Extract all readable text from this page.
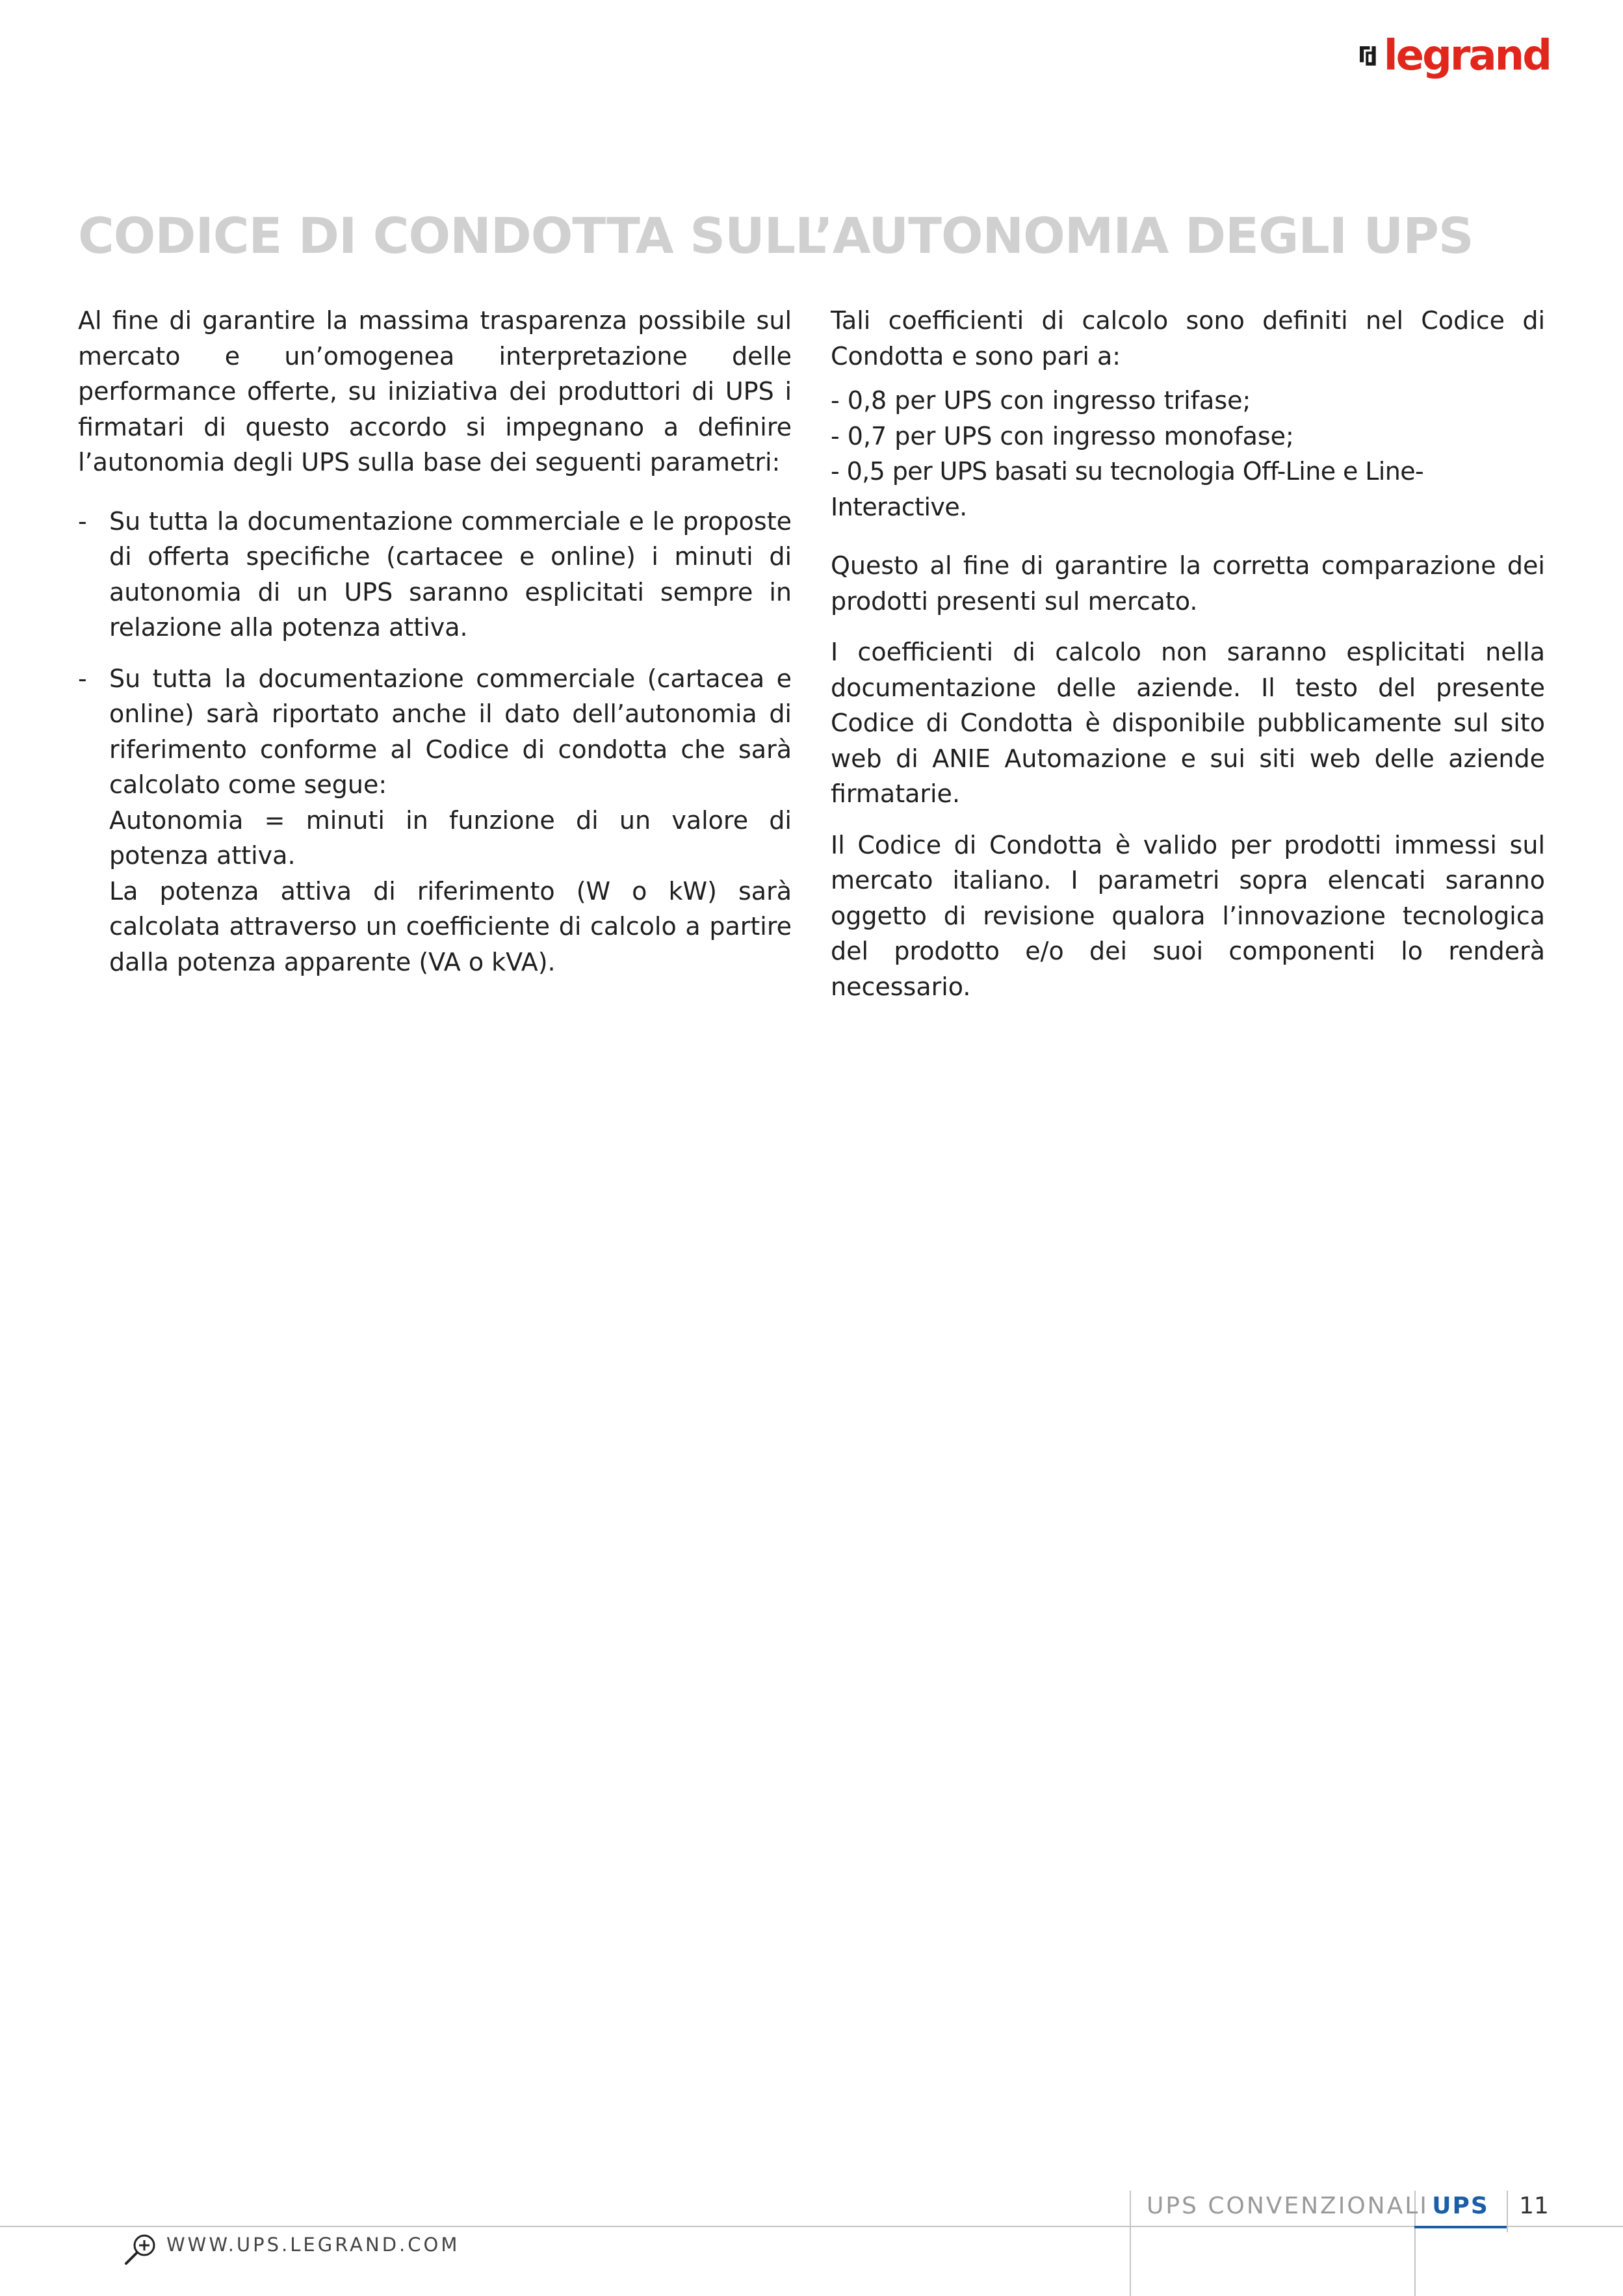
legrand
CODICE DI CONDOTTA SULL’AUTONOMIA DEGLI UPS

Al fine di garantire la massima trasparenza possibile sul mercato e un’omogenea interpretazione delle performance offerte, su iniziativa dei produttori di UPS i firmatari di questo accordo si impegnano a definire l’autonomia degli UPS sulla base dei seguenti parametri:

- Su tutta la documentazione commerciale e le proposte di offerta specifiche (cartacee e online) i minuti di autonomia di un UPS saranno esplicitati sempre in relazione alla potenza attiva.
- Su tutta la documentazione commerciale (cartacea e online) sarà riportato anche il dato dell’autonomia di riferimento conforme al Codice di condotta che sarà calcolato come segue:
Autonomia = minuti in funzione di un valore di potenza attiva.
La potenza attiva di riferimento (W o kW) sarà calcolata attraverso un coefficiente di calcolo a partire dalla potenza apparente (VA o kVA).

Tali coefficienti di calcolo sono definiti nel Codice di Condotta e sono pari a:

- 0,8 per UPS con ingresso trifase;
- 0,7 per UPS con ingresso monofase;
- 0,5 per UPS basati su tecnologia Off-Line e Line-Interactive.

Questo al fine di garantire la corretta comparazione dei prodotti presenti sul mercato.

I coefficienti di calcolo non saranno esplicitati nella documentazione delle aziende. Il testo del presente Codice di Condotta è disponibile pubblicamente sul sito web di ANIE Automazione e sui siti web delle aziende firmatarie.

Il Codice di Condotta è valido per prodotti immessi sul mercato italiano. I parametri sopra elencati saranno oggetto di revisione qualora l’innovazione tecnologica del prodotto e/o dei suoi componenti lo renderà necessario.

UPS CONVENZIONALI UPS	11
WWW.UPS.LEGRAND.COM
